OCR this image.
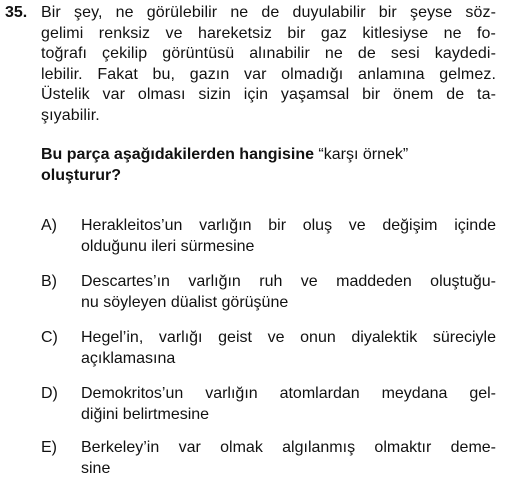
35. Bir şey, ne görülebilir ne de duyulabilir bir şeyse söz-
gelimi renksiz ve hareketsiz bir gaz kitlesiyse ne fo-
toğrafı çekilip görüntüsü alınabilir ne de sesi kaydedi-
lebilir. Fakat bu, gazın var olmadığı anlamına gelmez.
Üstelik var olması sizin için yaşamsal bir önem de ta-
şıyabilir.
Bu parça aşağıdakilerden hangisine “karşı örnek”
oluşturur?
A)	Herakleitos’un varlığın bir oluş ve değişim içinde
olduğunu ileri sürmesine
B)	Descartes’ın varlığın ruh ve maddeden oluştuğu-
nu söyleyen düalist görüşüne
C)	Hegel’in, varlığı geist ve onun diyalektik süreciyle
açıklamasına
D)	Demokritos’un varlığın atomlardan meydana gel-
diğini belirtmesine
E)	Berkeley’in var olmak algılanmış olmaktır deme-
sine
